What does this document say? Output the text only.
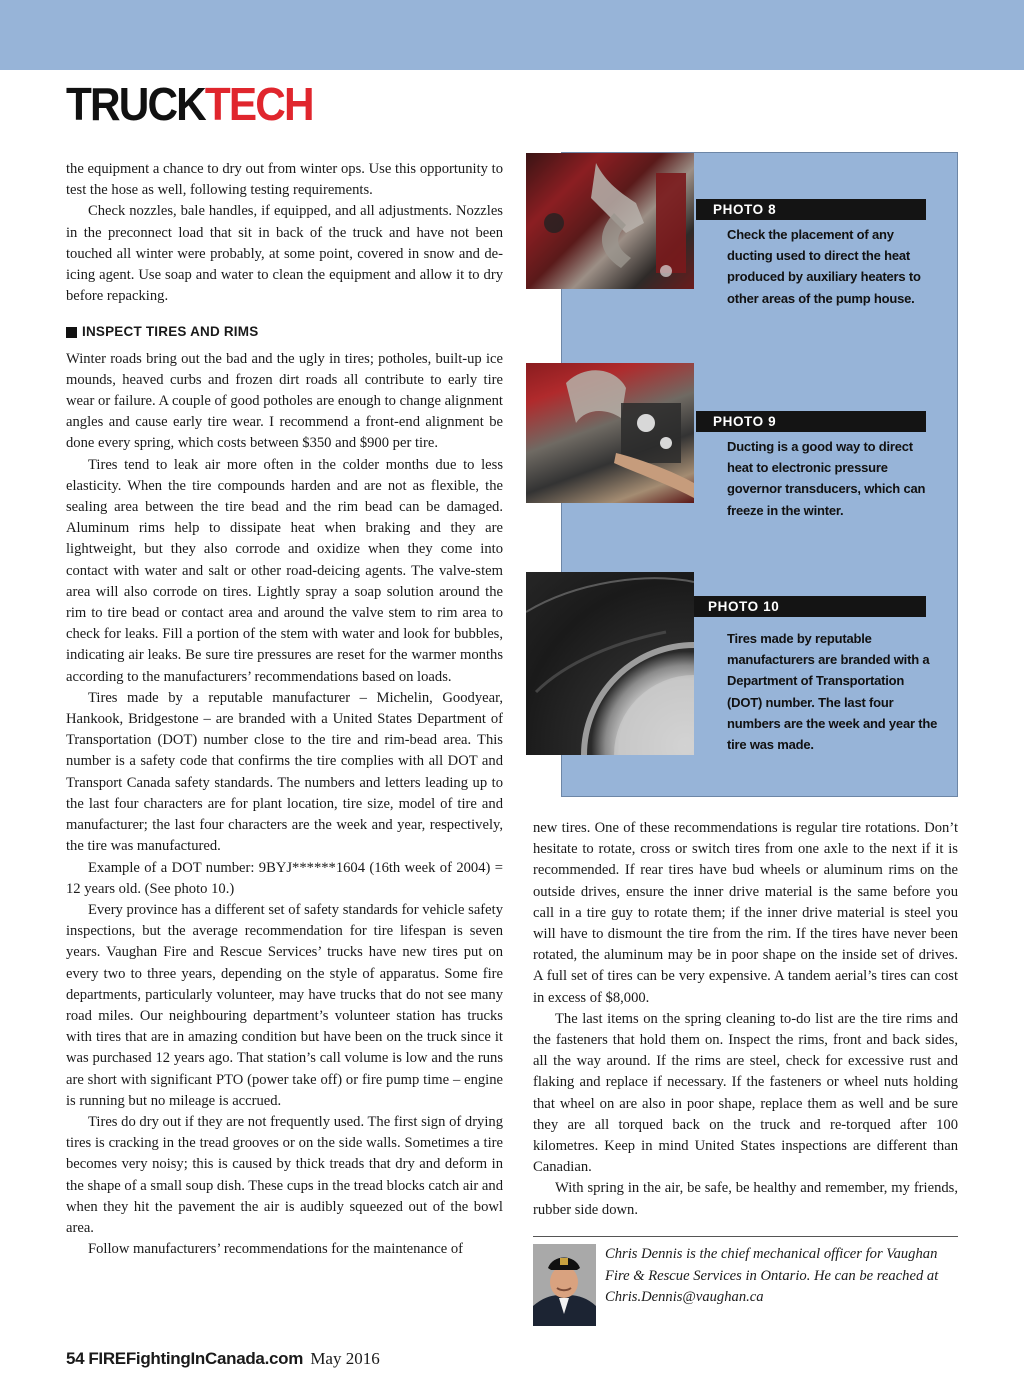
TRUCKTECH

the equipment a chance to dry out from winter ops. Use this opportunity to test the hose as well, following testing requirements.

Check nozzles, bale handles, if equipped, and all adjustments. Nozzles in the preconnect load that sit in back of the truck and have not been touched all winter were probably, at some point, covered in snow and de-icing agent. Use soap and water to clean the equipment and allow it to dry before repacking.

INSPECT TIRES AND RIMS

Winter roads bring out the bad and the ugly in tires; potholes, built-up ice mounds, heaved curbs and frozen dirt roads all contribute to early tire wear or failure. A couple of good potholes are enough to change alignment angles and cause early tire wear. I recommend a front-end alignment be done every spring, which costs between $350 and $900 per tire.

Tires tend to leak air more often in the colder months due to less elasticity. When the tire compounds harden and are not as flexible, the sealing area between the tire bead and the rim bead can be damaged. Aluminum rims help to dissipate heat when braking and they are lightweight, but they also corrode and oxidize when they come into contact with water and salt or other road-deicing agents. The valve-stem area will also corrode on tires. Lightly spray a soap solution around the rim to tire bead or contact area and around the valve stem to rim area to check for leaks. Fill a portion of the stem with water and look for bubbles, indicating air leaks. Be sure tire pressures are reset for the warmer months according to the manufacturers’ recommendations based on loads.

Tires made by a reputable manufacturer – Michelin, Goodyear, Hankook, Bridgestone – are branded with a United States Department of Transportation (DOT) number close to the tire and rim-bead area. This number is a safety code that confirms the tire complies with all DOT and Transport Canada safety standards. The numbers and letters leading up to the last four characters are for plant location, tire size, model of tire and manufacturer; the last four characters are the week and year, respectively, the tire was manufactured.

Example of a DOT number: 9BYJ******1604 (16th week of 2004) = 12 years old. (See photo 10.)

Every province has a different set of safety standards for vehicle safety inspections, but the average recommendation for tire lifespan is seven years. Vaughan Fire and Rescue Services’ trucks have new tires put on every two to three years, depending on the style of apparatus. Some fire departments, particularly volunteer, may have trucks that do not see many road miles. Our neighbouring department’s volunteer station has trucks with tires that are in amazing condition but have been on the truck since it was purchased 12 years ago. That station’s call volume is low and the runs are short with significant PTO (power take off) or fire pump time – engine is running but no mileage is accrued.

Tires do dry out if they are not frequently used. The first sign of drying tires is cracking in the tread grooves or on the side walls. Sometimes a tire becomes very noisy; this is caused by thick treads that dry and deform in the shape of a small soup dish. These cups in the tread blocks catch air and when they hit the pavement the air is audibly squeezed out of the bowl area.

Follow manufacturers’ recommendations for the maintenance of

PHOTO 8
Check the placement of any ducting used to direct the heat produced by auxiliary heaters to other areas of the pump house.
PHOTO 9
Ducting is a good way to direct heat to electronic pressure governor transducers, which can freeze in the winter.
PHOTO 10
Tires made by reputable manufacturers are branded with a Department of Transportation (DOT) number. The last four numbers are the week and year the tire was made.

new tires. One of these recommendations is regular tire rotations. Don’t hesitate to rotate, cross or switch tires from one axle to the next if it is recommended. If rear tires have bud wheels or aluminum rims on the outside drives, ensure the inner drive material is the same before you call in a tire guy to rotate them; if the inner drive material is steel you will have to dismount the tire from the rim. If the tires have never been rotated, the aluminum may be in poor shape on the inside set of drives. A full set of tires can be very expensive. A tandem aerial’s tires can cost in excess of $8,000.

The last items on the spring cleaning to-do list are the tire rims and the fasteners that hold them on. Inspect the rims, front and back sides, all the way around. If the rims are steel, check for excessive rust and flaking and replace if necessary. If the fasteners or wheel nuts holding that wheel on are also in poor shape, replace them as well and be sure they are all torqued back on the truck and re-torqued after 100 kilometres. Keep in mind United States inspections are different than Canadian.

With spring in the air, be safe, be healthy and remember, my friends, rubber side down.

Chris Dennis is the chief mechanical officer for Vaughan Fire & Rescue Services in Ontario. He can be reached at Chris.Dennis@vaughan.ca
54 FIREFightingInCanada.com May 2016
